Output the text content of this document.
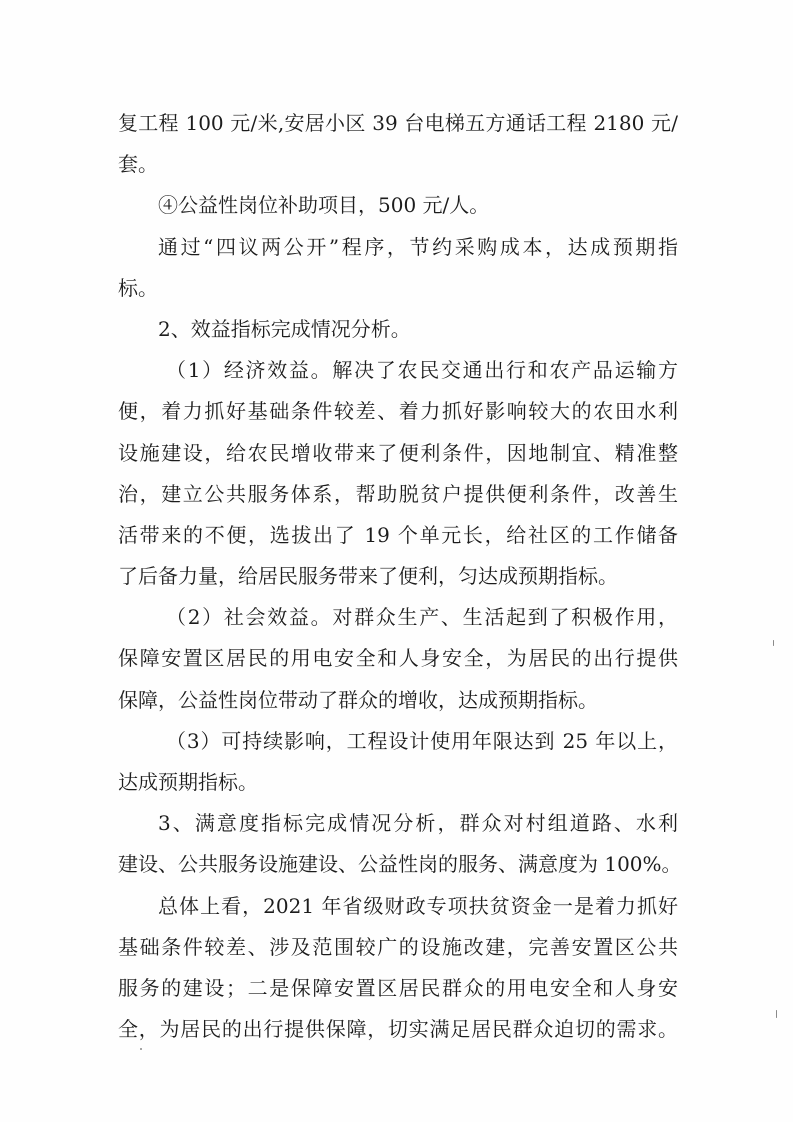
复工程 100 元/米,安居小区 39 台电梯五方通话工程 2180 元/
套。
④公益性岗位补助项目，500 元/人。
通过“四议两公开”程序，节约采购成本，达成预期指
标。
2、效益指标完成情况分析。
（1）经济效益。解决了农民交通出行和农产品运输方
便，着力抓好基础条件较差、着力抓好影响较大的农田水利
设施建设，给农民增收带来了便利条件，因地制宜、精准整
治，建立公共服务体系，帮助脱贫户提供便利条件，改善生
活带来的不便，选拔出了 19 个单元长，给社区的工作储备
了后备力量，给居民服务带来了便利，匀达成预期指标。
（2）社会效益。对群众生产、生活起到了积极作用，
保障安置区居民的用电安全和人身安全，为居民的出行提供
保障，公益性岗位带动了群众的增收，达成预期指标。
（3）可持续影响，工程设计使用年限达到 25 年以上，
达成预期指标。
3、满意度指标完成情况分析，群众对村组道路、水利
建设、公共服务设施建设、公益性岗的服务、满意度为 100%。
总体上看，2021 年省级财政专项扶贫资金一是着力抓好
基础条件较差、涉及范围较广的设施改建，完善安置区公共
服务的建设；二是保障安置区居民群众的用电安全和人身安
全，为居民的出行提供保障，切实满足居民群众迫切的需求。
